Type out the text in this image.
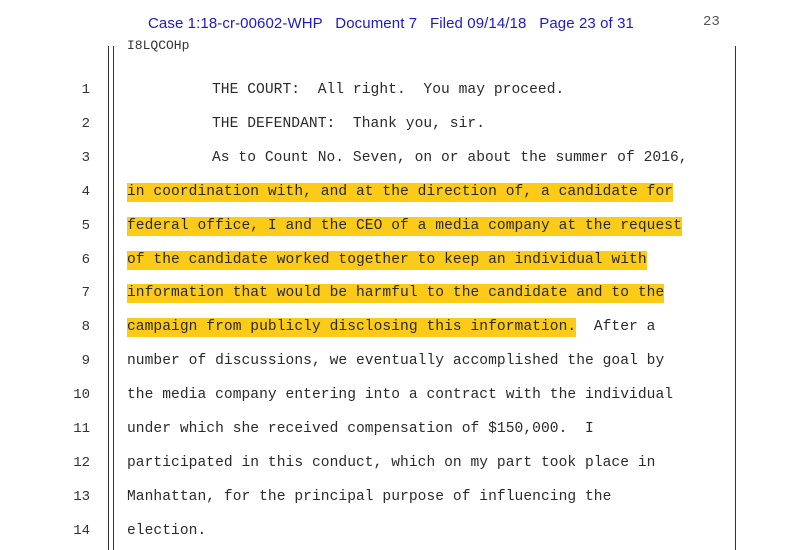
Case 1:18-cr-00602-WHP   Document 7   Filed 09/14/18   Page 23 of 31	23
I8LQCOHp
1	THE COURT:  All right.  You may proceed.
2	THE DEFENDANT:  Thank you, sir.
3	As to Count No. Seven, on or about the summer of 2016,
4	in coordination with, and at the direction of, a candidate for
5	federal office, I and the CEO of a media company at the request
6	of the candidate worked together to keep an individual with
7	information that would be harmful to the candidate and to the
8	campaign from publicly disclosing this information.  After a
9	number of discussions, we eventually accomplished the goal by
10	the media company entering into a contract with the individual
11	under which she received compensation of $150,000.  I
12	participated in this conduct, which on my part took place in
13	Manhattan, for the principal purpose of influencing the
14	election.
